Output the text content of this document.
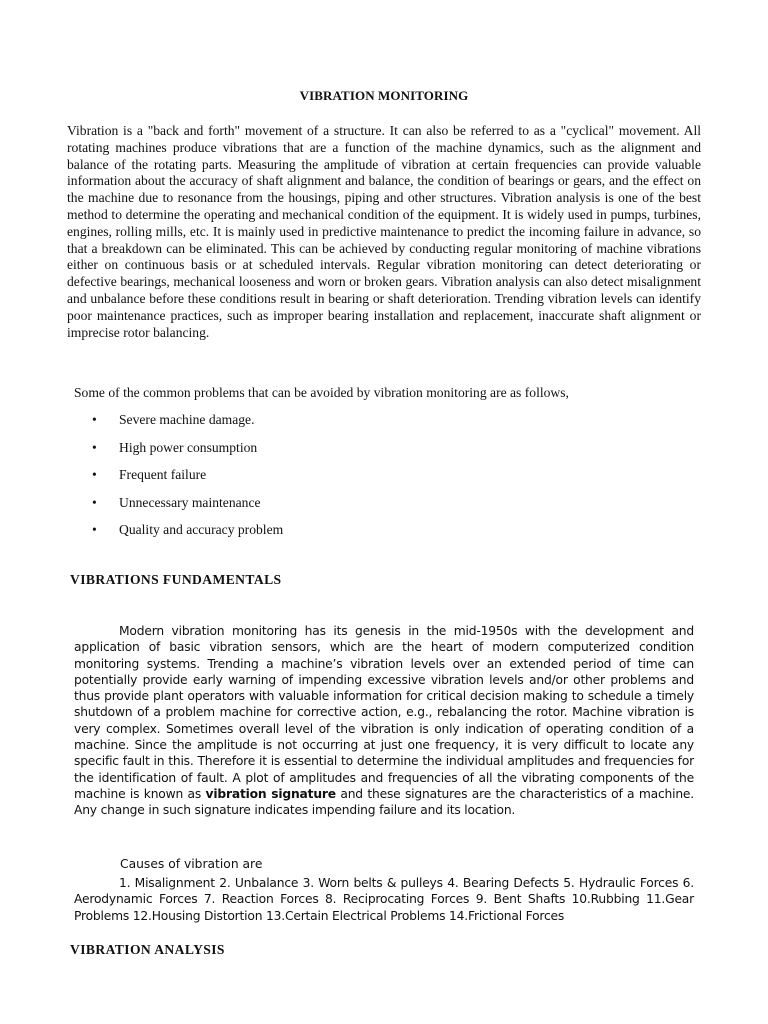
VIBRATION MONITORING

Vibration is a "back and forth" movement of a structure. It can also be referred to as a "cyclical" movement. All rotating machines produce vibrations that are a function of the machine dynamics, such as the alignment and balance of the rotating parts. Measuring the amplitude of vibration at certain frequencies can provide valuable information about the accuracy of shaft alignment and balance, the condition of bearings or gears, and the effect on the machine due to resonance from the housings, piping and other structures. Vibration analysis is one of the best method to determine the operating and mechanical condition of the equipment. It is widely used in pumps, turbines, engines, rolling mills, etc. It is mainly used in predictive maintenance to predict the incoming failure in advance, so that a breakdown can be eliminated. This can be achieved by conducting regular monitoring of machine vibrations either on continuous basis or at scheduled intervals. Regular vibration monitoring can detect deteriorating or defective bearings, mechanical looseness and worn or broken gears. Vibration analysis can also detect misalignment and unbalance before these conditions result in bearing or shaft deterioration. Trending vibration levels can identify poor maintenance practices, such as improper bearing installation and replacement, inaccurate shaft alignment or imprecise rotor balancing.

Some of the common problems that can be avoided by vibration monitoring are as follows,

•	Severe machine damage.
•	High power consumption
•	Frequent failure
•	Unnecessary maintenance
•	Quality and accuracy problem
VIBRATIONS FUNDAMENTALS

Modern vibration monitoring has its genesis in the mid-1950s with the development and application of basic vibration sensors, which are the heart of modern computerized condition monitoring systems. Trending a machine’s vibration levels over an extended period of time can potentially provide early warning of impending excessive vibration levels and/or other problems and thus provide plant operators with valuable information for critical decision making to schedule a timely shutdown of a problem machine for corrective action, e.g., rebalancing the rotor. Machine vibration is very complex. Sometimes overall level of the vibration is only indication of operating condition of a machine. Since the amplitude is not occurring at just one frequency, it is very difficult to locate any specific fault in this. Therefore it is essential to determine the individual amplitudes and frequencies for the identification of fault. A plot of amplitudes and frequencies of all the vibrating components of the machine is known as vibration signature and these signatures are the characteristics of a machine. Any change in such signature indicates impending failure and its location.

Causes of vibration are

1. Misalignment 2. Unbalance 3. Worn belts & pulleys 4. Bearing Defects 5. Hydraulic Forces 6. Aerodynamic Forces 7. Reaction Forces 8. Reciprocating Forces 9. Bent Shafts 10.Rubbing 11.Gear Problems 12.Housing Distortion 13.Certain Electrical Problems 14.Frictional Forces

VIBRATION ANALYSIS
